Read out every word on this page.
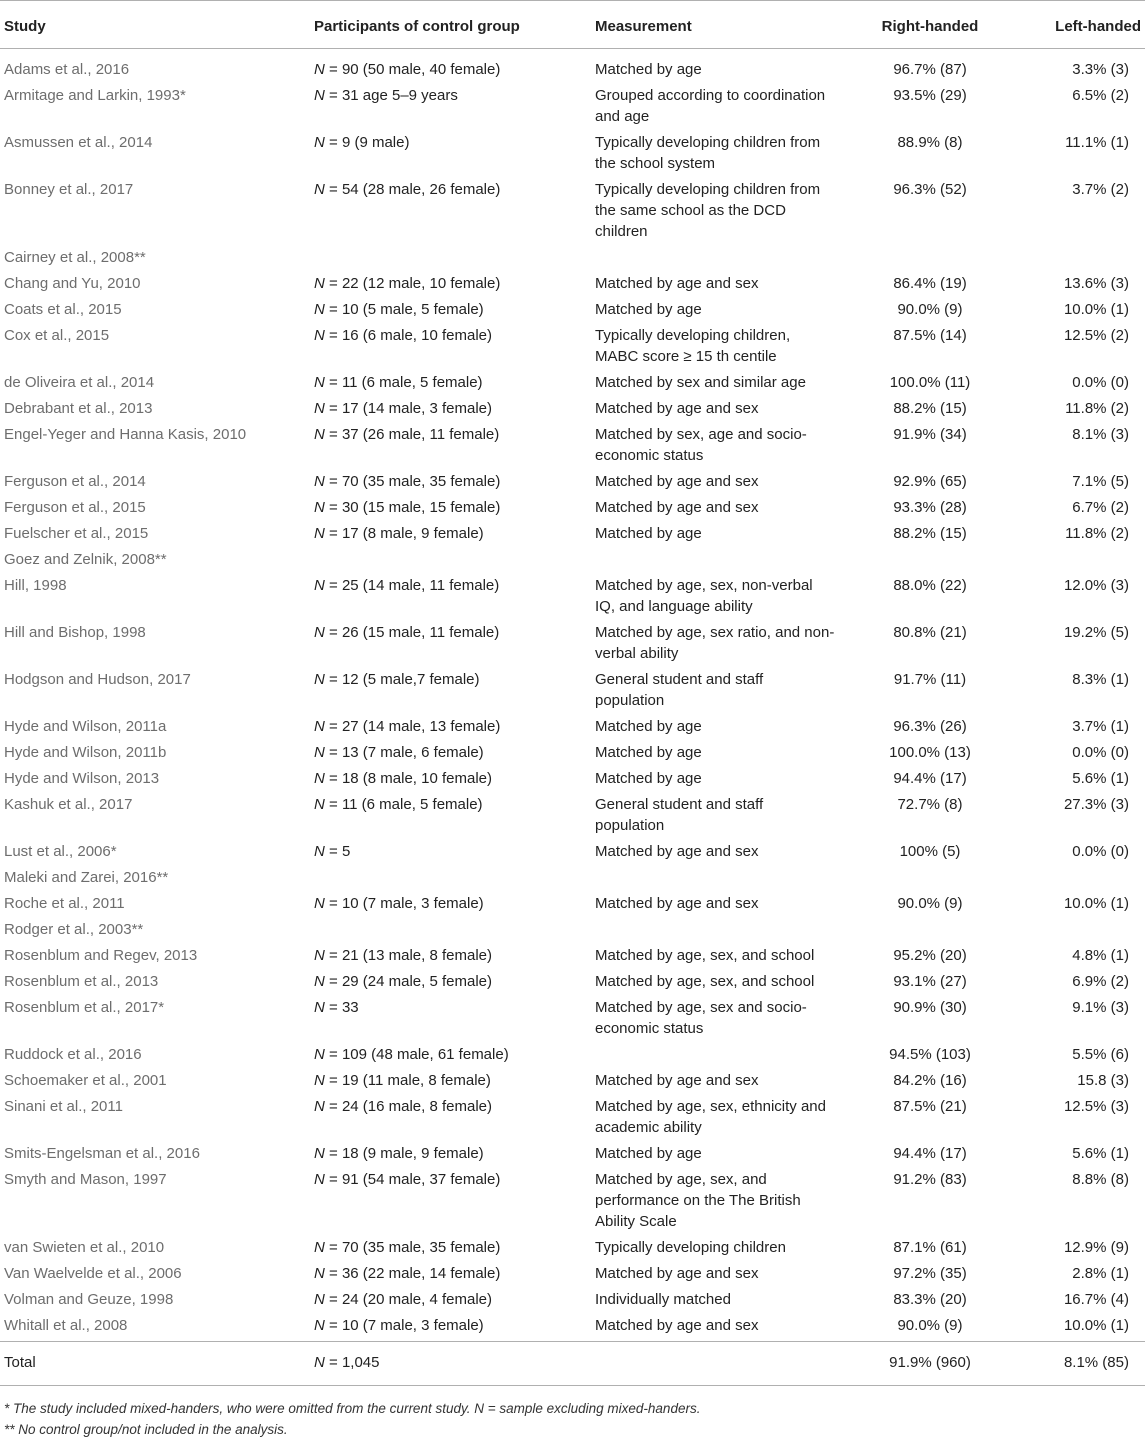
Study	Participants of control group	Measurement	Right-handed	Left-handed
Adams et al., 2016	N = 90 (50 male, 40 female)	Matched by age	96.7% (87)	3.3% (3)
Armitage and Larkin, 1993*	N = 31 age 5–9 years	Grouped according to coordination and age	93.5% (29)	6.5% (2)
Asmussen et al., 2014	N = 9 (9 male)	Typically developing children from the school system	88.9% (8)	11.1% (1)
Bonney et al., 2017	N = 54 (28 male, 26 female)	Typically developing children from the same school as the DCD children	96.3% (52)	3.7% (2)
Cairney et al., 2008**				
Chang and Yu, 2010	N = 22 (12 male, 10 female)	Matched by age and sex	86.4% (19)	13.6% (3)
Coats et al., 2015	N = 10 (5 male, 5 female)	Matched by age	90.0% (9)	10.0% (1)
Cox et al., 2015	N = 16 (6 male, 10 female)	Typically developing children, MABC score ≥ 15 th centile	87.5% (14)	12.5% (2)
de Oliveira et al., 2014	N = 11 (6 male, 5 female)	Matched by sex and similar age	100.0% (11)	0.0% (0)
Debrabant et al., 2013	N = 17 (14 male, 3 female)	Matched by age and sex	88.2% (15)	11.8% (2)
Engel-Yeger and Hanna Kasis, 2010	N = 37 (26 male, 11 female)	Matched by sex, age and socio-economic status	91.9% (34)	8.1% (3)
Ferguson et al., 2014	N = 70 (35 male, 35 female)	Matched by age and sex	92.9% (65)	7.1% (5)
Ferguson et al., 2015	N = 30 (15 male, 15 female)	Matched by age and sex	93.3% (28)	6.7% (2)
Fuelscher et al., 2015	N = 17 (8 male, 9 female)	Matched by age	88.2% (15)	11.8% (2)
Goez and Zelnik, 2008**				
Hill, 1998	N = 25 (14 male, 11 female)	Matched by age, sex, non-verbal IQ, and language ability	88.0% (22)	12.0% (3)
Hill and Bishop, 1998	N = 26 (15 male, 11 female)	Matched by age, sex ratio, and non-verbal ability	80.8% (21)	19.2% (5)
Hodgson and Hudson, 2017	N = 12 (5 male,7 female)	General student and staff population	91.7% (11)	8.3% (1)
Hyde and Wilson, 2011a	N = 27 (14 male, 13 female)	Matched by age	96.3% (26)	3.7% (1)
Hyde and Wilson, 2011b	N = 13 (7 male, 6 female)	Matched by age	100.0% (13)	0.0% (0)
Hyde and Wilson, 2013	N = 18 (8 male, 10 female)	Matched by age	94.4% (17)	5.6% (1)
Kashuk et al., 2017	N = 11 (6 male, 5 female)	General student and staff population	72.7% (8)	27.3% (3)
Lust et al., 2006*	N = 5	Matched by age and sex	100% (5)	0.0% (0)
Maleki and Zarei, 2016**				
Roche et al., 2011	N = 10 (7 male, 3 female)	Matched by age and sex	90.0% (9)	10.0% (1)
Rodger et al., 2003**				
Rosenblum and Regev, 2013	N = 21 (13 male, 8 female)	Matched by age, sex, and school	95.2% (20)	4.8% (1)
Rosenblum et al., 2013	N = 29 (24 male, 5 female)	Matched by age, sex, and school	93.1% (27)	6.9% (2)
Rosenblum et al., 2017*	N = 33	Matched by age, sex and socio-economic status	90.9% (30)	9.1% (3)
Ruddock et al., 2016	N = 109 (48 male, 61 female)		94.5% (103)	5.5% (6)
Schoemaker et al., 2001	N = 19 (11 male, 8 female)	Matched by age and sex	84.2% (16)	15.8 (3)
Sinani et al., 2011	N = 24 (16 male, 8 female)	Matched by age, sex, ethnicity and academic ability	87.5% (21)	12.5% (3)
Smits-Engelsman et al., 2016	N = 18 (9 male, 9 female)	Matched by age	94.4% (17)	5.6% (1)
Smyth and Mason, 1997	N = 91 (54 male, 37 female)	Matched by age, sex, and performance on the The British Ability Scale	91.2% (83)	8.8% (8)
van Swieten et al., 2010	N = 70 (35 male, 35 female)	Typically developing children	87.1% (61)	12.9% (9)
Van Waelvelde et al., 2006	N = 36 (22 male, 14 female)	Matched by age and sex	97.2% (35)	2.8% (1)
Volman and Geuze, 1998	N = 24 (20 male, 4 female)	Individually matched	83.3% (20)	16.7% (4)
Whitall et al., 2008	N = 10 (7 male, 3 female)	Matched by age and sex	90.0% (9)	10.0% (1)
Total	N = 1,045		91.9% (960)	8.1% (85)
* The study included mixed-handers, who were omitted from the current study. N = sample excluding mixed-handers.
** No control group/not included in the analysis.
